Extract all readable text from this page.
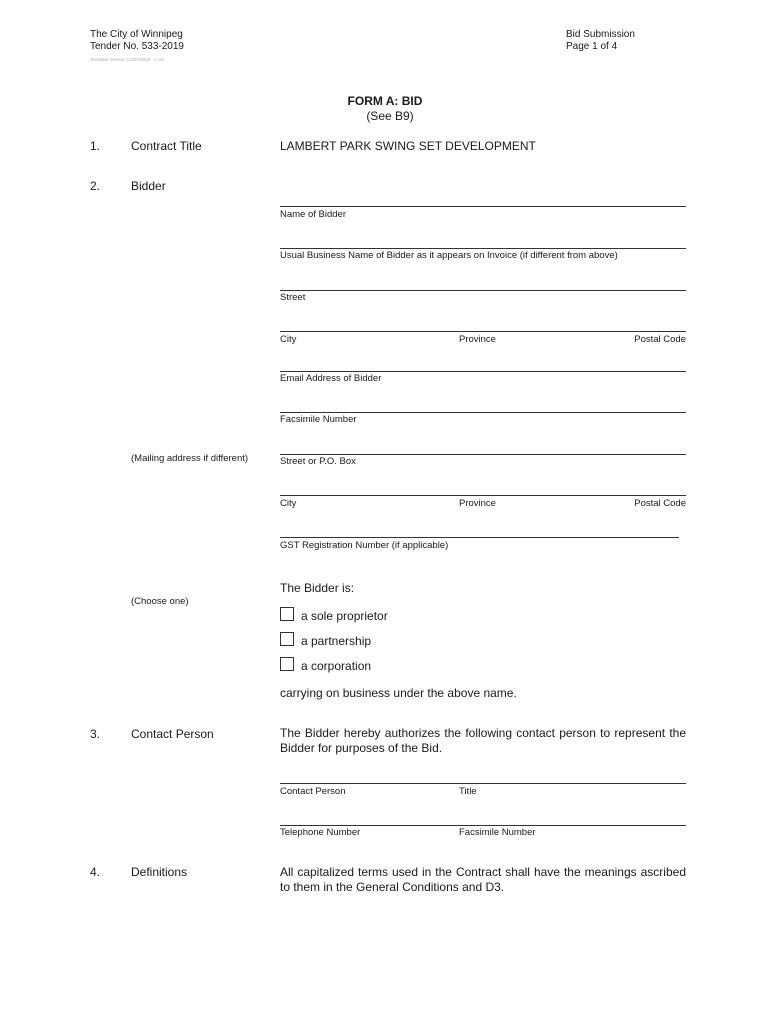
The City of Winnipeg
Tender No. 533-2019
Template Version: C32019010 - C 2X
Bid Submission
Page 1 of 4
FORM A: BID
(See B9)
1.	Contract Title	LAMBERT PARK SWING SET DEVELOPMENT
2.	Bidder
Name of Bidder
Usual Business Name of Bidder as it appears on Invoice (if different from above)
Street
City	Province	Postal Code
Email Address of Bidder
Facsimile Number
(Mailing address if different)	Street or P.O. Box
City	Province	Postal Code
GST Registration Number (if applicable)
The Bidder is:
(Choose one)
a sole proprietor
a partnership
a corporation
carrying on business under the above name.
3.	Contact Person	The Bidder hereby authorizes the following contact person to represent the Bidder for purposes of the Bid.
Contact Person	Title
Telephone Number	Facsimile Number
4.	Definitions	All capitalized terms used in the Contract shall have the meanings ascribed to them in the General Conditions and D3.
